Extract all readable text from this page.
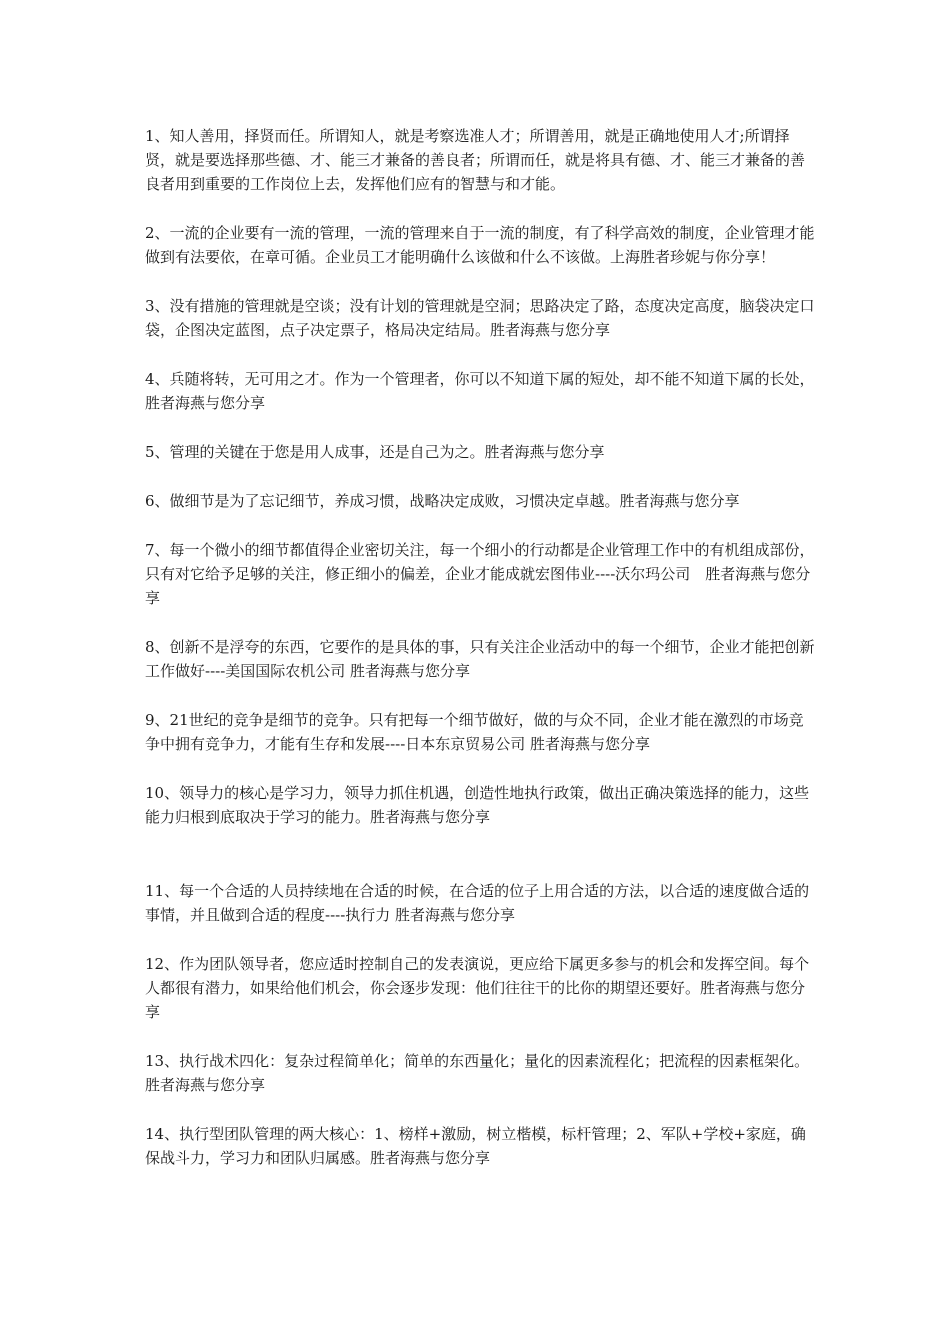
1、知人善用，择贤而任。所谓知人，就是考察选准人才；所谓善用，就是正确地使用人才;所谓择贤，就是要选择那些德、才、能三才兼备的善良者；所谓而任，就是将具有德、才、能三才兼备的善良者用到重要的工作岗位上去，发挥他们应有的智慧与和才能。

2、一流的企业要有一流的管理，一流的管理来自于一流的制度，有了科学高效的制度，企业管理才能做到有法要依，在章可循。企业员工才能明确什么该做和什么不该做。上海胜者珍妮与你分享！

3、没有措施的管理就是空谈；没有计划的管理就是空洞；思路决定了路，态度决定高度，脑袋决定口袋，企图决定蓝图，点子决定票子，格局决定结局。胜者海燕与您分享

4、兵随将转，无可用之才。作为一个管理者，你可以不知道下属的短处，却不能不知道下属的长处，胜者海燕与您分享

5、管理的关键在于您是用人成事，还是自己为之。胜者海燕与您分享

6、做细节是为了忘记细节，养成习惯，战略决定成败，习惯决定卓越。胜者海燕与您分享

7、每一个微小的细节都值得企业密切关注，每一个细小的行动都是企业管理工作中的有机组成部份，只有对它给予足够的关注，修正细小的偏差，企业才能成就宏图伟业----沃尔玛公司　胜者海燕与您分享

8、创新不是浮夸的东西，它要作的是具体的事，只有关注企业活动中的每一个细节，企业才能把创新工作做好----美国国际农机公司 胜者海燕与您分享

9、21世纪的竞争是细节的竞争。只有把每一个细节做好，做的与众不同，企业才能在激烈的市场竞争中拥有竞争力，才能有生存和发展----日本东京贸易公司 胜者海燕与您分享

10、领导力的核心是学习力，领导力抓住机遇，创造性地执行政策，做出正确决策选择的能力，这些能力归根到底取决于学习的能力。胜者海燕与您分享

11、每一个合适的人员持续地在合适的时候，在合适的位子上用合适的方法，以合适的速度做合适的事情，并且做到合适的程度----执行力 胜者海燕与您分享

12、作为团队领导者，您应适时控制自己的发表演说，更应给下属更多参与的机会和发挥空间。每个人都很有潜力，如果给他们机会，你会逐步发现：他们往往干的比你的期望还要好。胜者海燕与您分享

13、执行战术四化：复杂过程简单化；简单的东西量化；量化的因素流程化；把流程的因素框架化。胜者海燕与您分享

14、执行型团队管理的两大核心：1、榜样+激励，树立楷模，标杆管理；2、军队+学校+家庭，确保战斗力，学习力和团队归属感。胜者海燕与您分享
